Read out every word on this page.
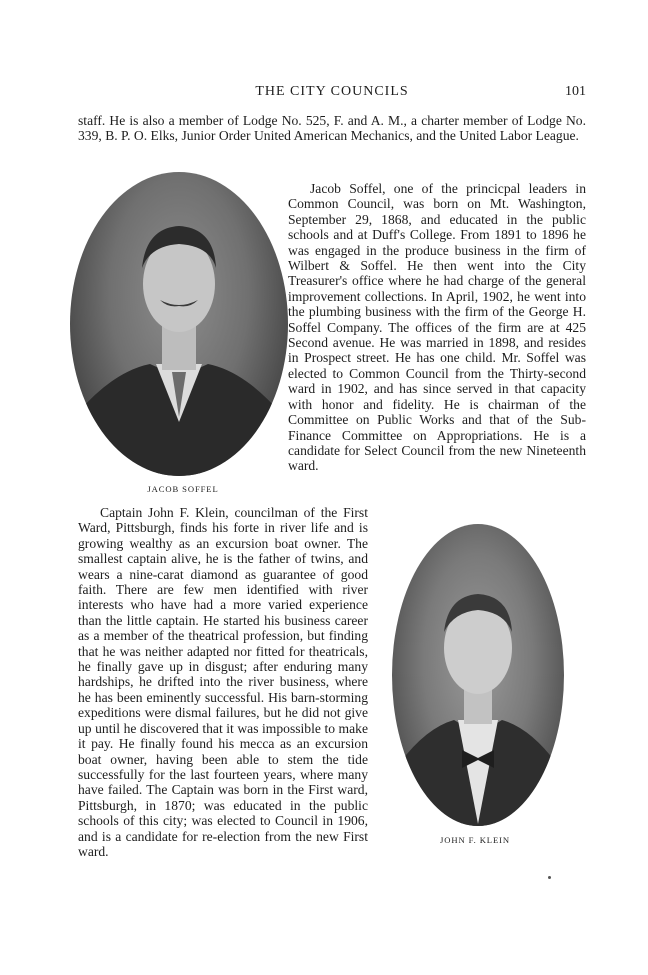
THE CITY COUNCILS	101
staff. He is also a member of Lodge No. 525, F. and A. M., a charter member of Lodge No. 339, B. P. O. Elks, Junior Order United American Mechanics, and the United Labor League.
JACOB SOFFEL
Jacob Soffel, one of the princicpal leaders in Common Council, was born on Mt. Washington, September 29, 1868, and educated in the public schools and at Duff's College. From 1891 to 1896 he was engaged in the produce business in the firm of Wilbert & Soffel. He then went into the City Treasurer's office where he had charge of the general improvement collections. In April, 1902, he went into the plumbing business with the firm of the George H. Soffel Company. The offices of the firm are at 425 Second avenue. He was married in 1898, and resides in Prospect street. He has one child. Mr. Soffel was elected to Common Council from the Thirty-second ward in 1902, and has since served in that capacity with honor and fidelity. He is chairman of the Committee on Public Works and that of the Sub-Finance Committee on Appropriations. He is a candidate for Select Council from the new Nineteenth ward.
Captain John F. Klein, councilman of the First Ward, Pittsburgh, finds his forte in river life and is growing wealthy as an excursion boat owner. The smallest captain alive, he is the father of twins, and wears a nine-carat diamond as guarantee of good faith. There are few men identified with river interests who have had a more varied experience than the little captain. He started his business career as a member of the theatrical profession, but finding that he was neither adapted nor fitted for theatricals, he finally gave up in disgust; after enduring many hardships, he drifted into the river business, where he has been eminently successful. His barn-storming expeditions were dismal failures, but he did not give up until he discovered that it was impossible to make it pay. He finally found his mecca as an excursion boat owner, having been able to stem the tide successfully for the last fourteen years, where many have failed. The Captain was born in the First ward, Pittsburgh, in 1870; was educated in the public schools of this city; was elected to Council in 1906, and is a candidate for re-election from the new First ward.
JOHN F. KLEIN
